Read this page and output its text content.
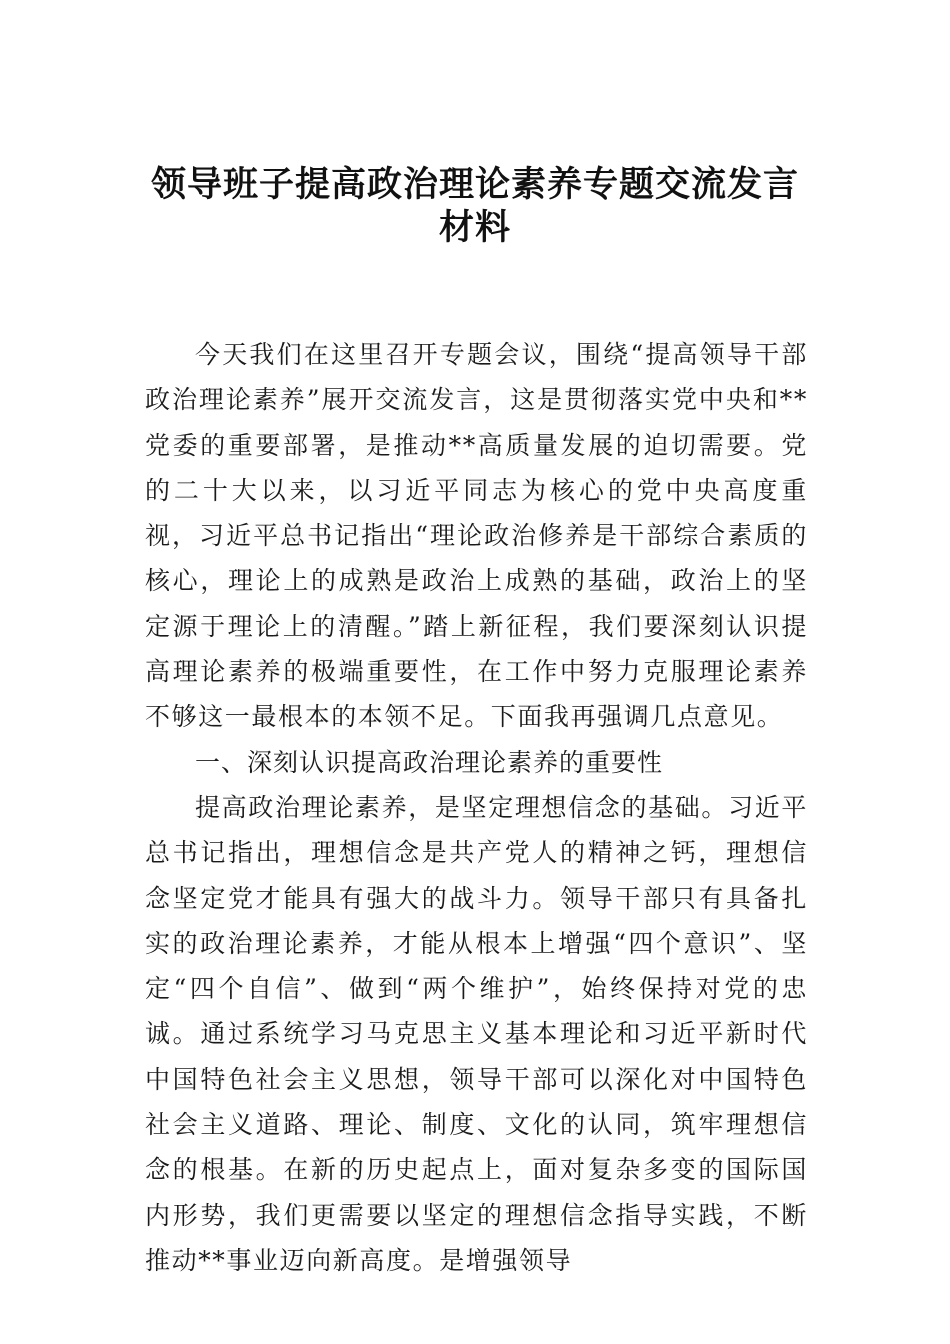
领导班子提高政治理论素养专题交流发言
材料

今天我们在这里召开专题会议，围绕“提高领导干部政治理论素养”展开交流发言，这是贯彻落实党中央和**党委的重要部署，是推动**高质量发展的迫切需要。党的二十大以来，以习近平同志为核心的党中央高度重视，习近平总书记指出“理论政治修养是干部综合素质的核心，理论上的成熟是政治上成熟的基础，政治上的坚定源于理论上的清醒。”踏上新征程，我们要深刻认识提高理论素养的极端重要性，在工作中努力克服理论素养不够这一最根本的本领不足。下面我再强调几点意见。

一、深刻认识提高政治理论素养的重要性

提高政治理论素养，是坚定理想信念的基础。习近平总书记指出，理想信念是共产党人的精神之钙，理想信念坚定党才能具有强大的战斗力。领导干部只有具备扎实的政治理论素养，才能从根本上增强“四个意识”、坚定“四个自信”、做到“两个维护”，始终保持对党的忠诚。通过系统学习马克思主义基本理论和习近平新时代中国特色社会主义思想，领导干部可以深化对中国特色社会主义道路、理论、制度、文化的认同，筑牢理想信念的根基。在新的历史起点上，面对复杂多变的国际国内形势，我们更需要以坚定的理想信念指导实践，不断推动**事业迈向新高度。是增强领导
